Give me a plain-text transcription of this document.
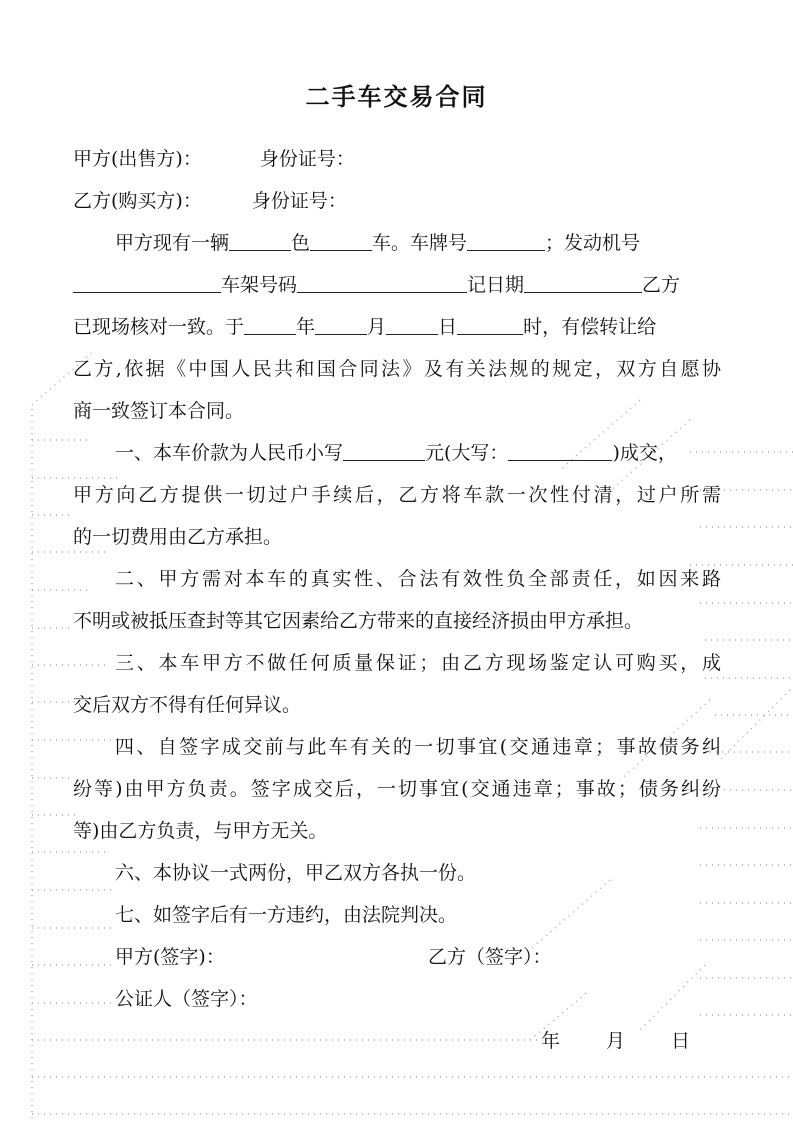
二手车交易合同
甲方(出售方)：	身份证号：
乙方(购买方)：	身份证号：
甲方现有一辆	色	车。车牌号	；发动机号
车架号码	记日期	乙方
已现场核对一致。于	年	月	日	时，有偿转让给
乙方,依据《中国人民共和国合同法》及有关法规的规定，双方自愿协
商一致签订本合同。
一、本车价款为人民币小写	元(大写：	)成交，
甲方向乙方提供一切过户手续后，乙方将车款一次性付清，过户所需
的一切费用由乙方承担。
二、甲方需对本车的真实性、合法有效性负全部责任，如因来路
不明或被抵压查封等其它因素给乙方带来的直接经济损由甲方承担。
三、本车甲方不做任何质量保证；由乙方现场鉴定认可购买，成
交后双方不得有任何异议。
四、自签字成交前与此车有关的一切事宜(交通违章；事故债务纠
纷等)由甲方负责。签字成交后，一切事宜(交通违章；事故；债务纠纷
等)由乙方负责，与甲方无关。
六、本协议一式两份，甲乙双方各执一份。
七、如签字后有一方违约，由法院判决。
甲方(签字)：	乙方（签字）：
公证人（签字）：
年 月 日
